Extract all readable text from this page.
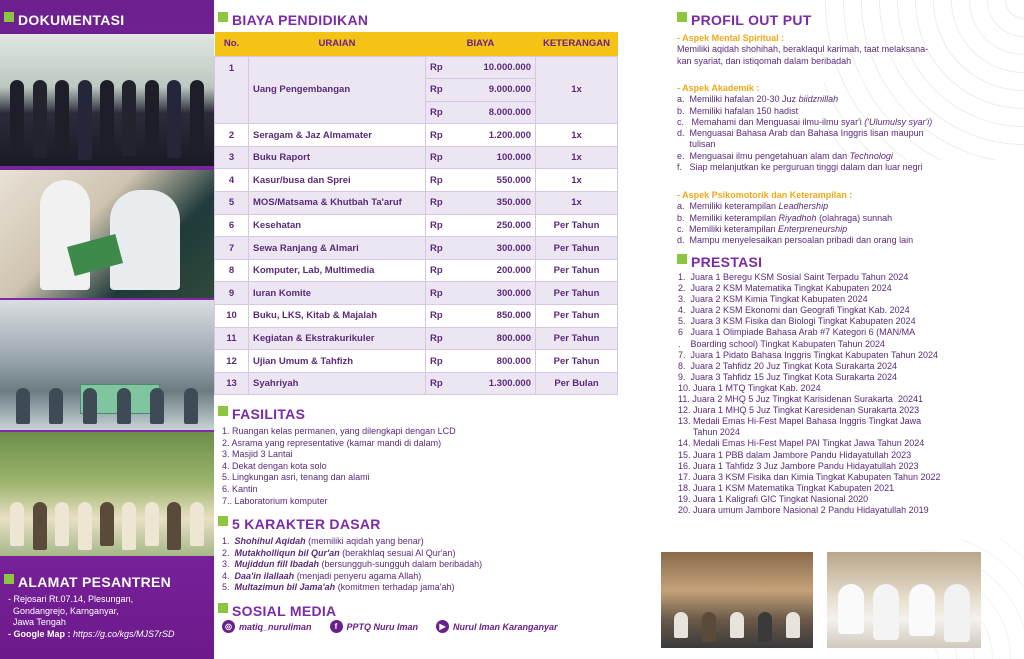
DOKUMENTASI
ALAMAT PESANTREN
- Rejosari Rt.07.14, Plesungan,
Gondangrejo, Karnganyar,
Jawa Tengah
- Google Map : https://g.co/kgs/MJS7rSD
BIAYA PENDIDIKAN
No.	URAIAN	BIAYA		KETERANGAN
1	Uang Pengembangan	Rp	10.000.000	1x
		Rp	9.000.000	
		Rp	8.000.000	
2	Seragam & Jaz Almamater	Rp	1.200.000	1x
3	Buku Raport	Rp	100.000	1x
4	Kasur/busa dan Sprei	Rp	550.000	1x
5	MOS/Matsama & Khutbah Ta'aruf	Rp	350.000	1x
6	Kesehatan	Rp	250.000	Per Tahun
7	Sewa Ranjang & Almari	Rp	300.000	Per Tahun
8	Komputer, Lab, Multimedia	Rp	200.000	Per Tahun
9	Iuran Komite	Rp	300.000	Per Tahun
10	Buku, LKS, Kitab & Majalah	Rp	850.000	Per Tahun
11	Kegiatan & Ekstrakurikuler	Rp	800.000	Per Tahun
12	Ujian Umum & Tahfizh	Rp	800.000	Per Tahun
13	Syahriyah	Rp	1.300.000	Per Bulan
FASILITAS
1. Ruangan kelas permanen, yang dilengkapi dengan LCD
2. Asrama yang representative (kamar mandi di dalam)
3. Masjid 3 Lantai
4. Dekat dengan kota solo
5. Lingkungan asri, tenang dan alami
6. Kantin
7.. Laboratorium komputer
5 KARAKTER DASAR
1.  Shohihul Aqidah (memiliki aqidah yang benar)
2.  Mutakholliqun bil Qur'an (berakhlaq sesuai Al Qur'an)
3.  Mujiddun fill Ibadah (bersungguh-sungguh dalam beribadah)
4.  Daa'in ilallaah (menjadi penyeru agama Allah)
5.  Multazimun bil Jama'ah (komitmen terhadap jama'ah)
SOSIAL MEDIA
◎ matiq_nuruliman	f	PPTQ Nuru Iman	▶ Nurul Iman Karanganyar
PROFIL OUT PUT
- Aspek Mental Spiritual :
Memiliki aqidah shohihah, beraklaqul karimah, taat melaksana-
kan syariat, dan istiqomah dalam beribadah
- Aspek Akademik :
a.  Memiliki hafalan 20-30 Juz biidznillah
b.  Memiliki hafalan 150 hadist
c.   Memahami dan Menguasai ilmu-ilmu syar'i ('Ulumulsy syar'i)
d.  Menguasai Bahasa Arab dan Bahasa Inggris lisan maupun
tulisan
e.  Menguasai ilmu pengetahuan alam dan Technologi
f.   Siap melanjutkan ke perguruan tinggi dalam dan luar negri
- Aspek Psikomotorik dan Keterampilan :
a.  Memiliki keterampilan Leadhership
b.  Memiliki keterampilan Riyadhoh (olahraga) sunnah
c.  Memiliki keterampilan Enterpreneurship
d.  Mampu menyelesaikan persoalan pribadi dan orang lain
PRESTASI
1.  Juara 1 Beregu KSM Sosial Saint Terpadu Tahun 2024
2.  Juara 2 KSM Matematika Tingkat Kabupaten 2024
3.  Juara 2 KSM Kimia Tingkat Kabupaten 2024
4.  Juara 2 KSM Ekonomi dan Geografi Tingkat Kab. 2024
5.  Juara 3 KSM Fisika dan Biologi Tingkat Kabupaten 2024
6   Juara 1 Olimpiade Bahasa Arab #7 Kategori 6 (MAN/MA
.    Boarding school) Tingkat Kabupaten Tahun 2024
7.  Juara 1 Pidato Bahasa Inggris Tingkat Kabupaten Tahun 2024
8.  Juara 2 Tahfidz 20 Juz Tingkat Kota Surakarta 2024
9.  Juara 3 Tahfidz 15 Juz Tingkat Kota Surakarta 2024
10. Juara 1 MTQ Tingkat Kab. 2024
11. Juara 2 MHQ 5 Juz Tingkat Karisidenan Surakarta  20241
12. Juara 1 MHQ 5 Juz Tingkat Karesidenan Surakarta 2023
13. Medali Emas Hi-Fest Mapel Bahasa Inggris Tingkat Jawa
Tahun 2024
14. Medali Emas Hi-Fest Mapel PAI Tingkat Jawa Tahun 2024
15. Juara 1 PBB dalam Jambore Pandu Hidayatullah 2023
16. Juara 1 Tahfidz 3 Juz Jambore Pandu Hidayatullah 2023
17. Juara 3 KSM Fisika dan Kimia Tingkat Kabupaten Tahun 2022
18. Juara 1 KSM Matematika Tingkat Kabupaten 2021
19. Juara 1 Kaligrafi GIC Tingkat Nasional 2020
20. Juara umum Jambore Nasional 2 Pandu Hidayatullah 2019
